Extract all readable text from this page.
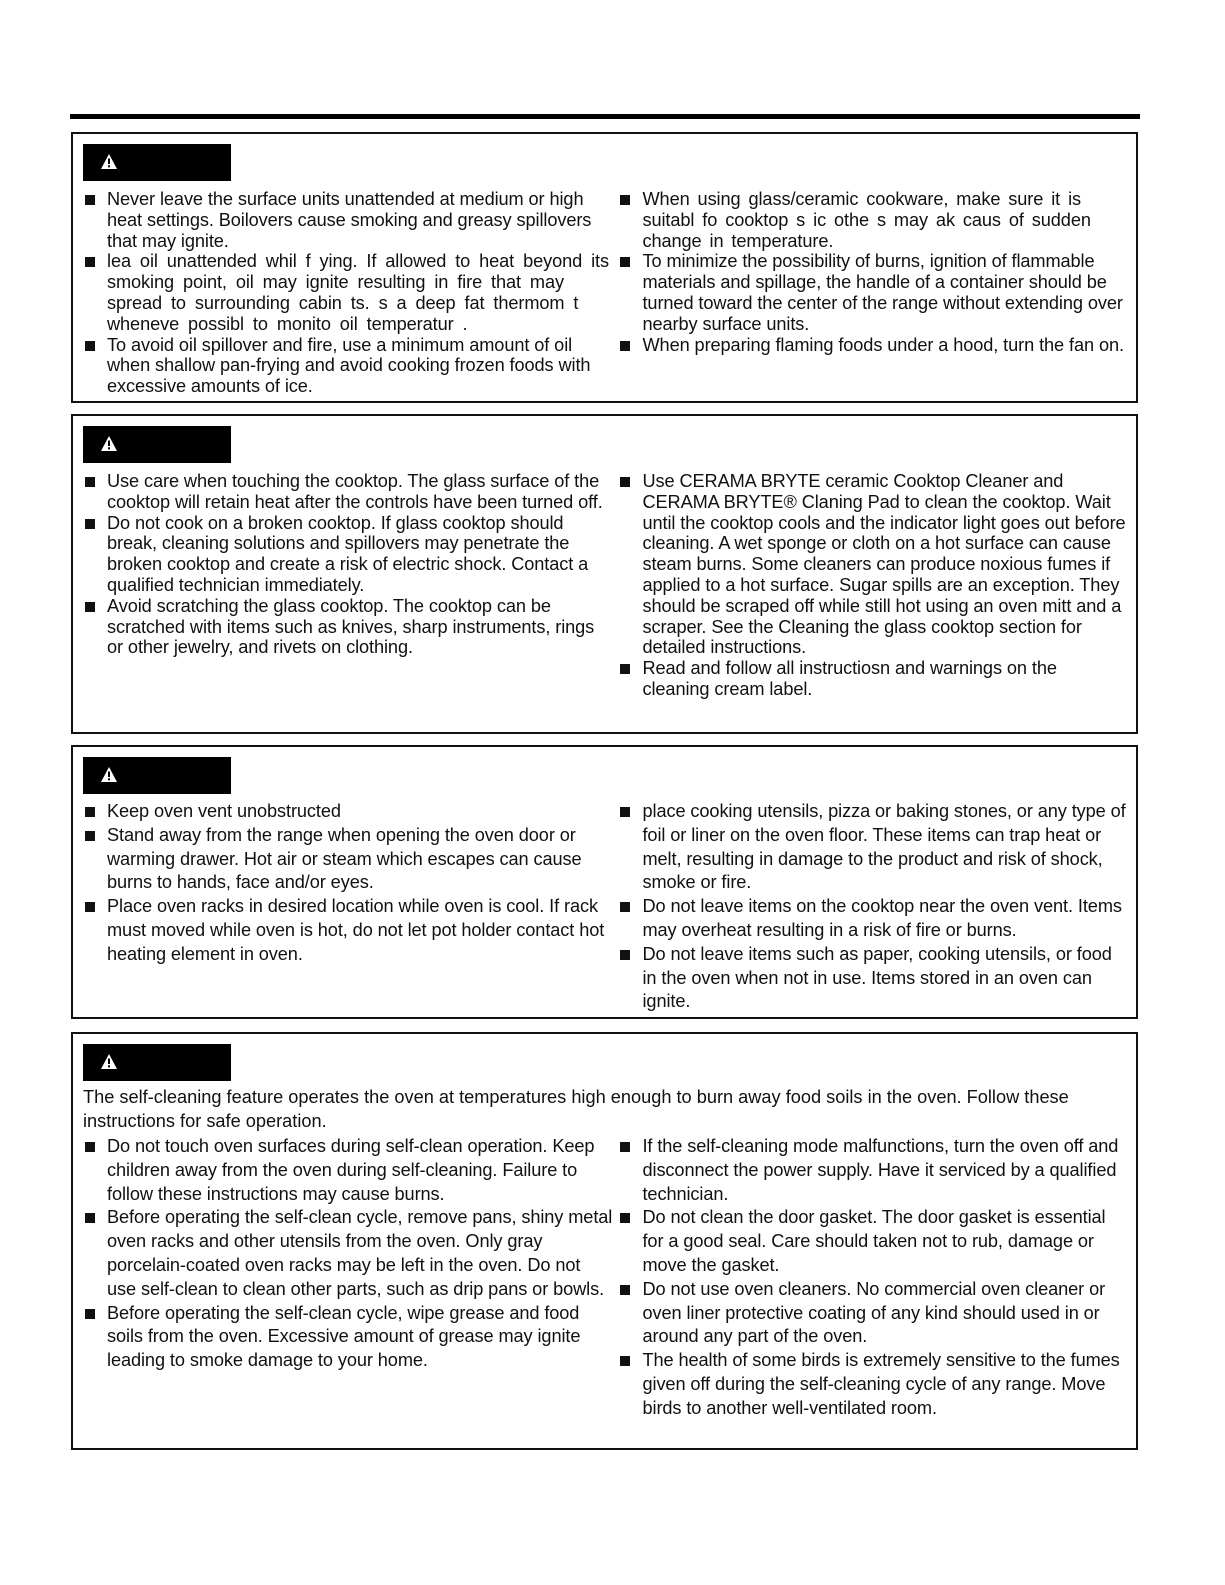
Never leave the surface units unattended at medium or high heat settings. Boilovers cause smoking and greasy spillovers that may ignite.
lea oil unattended whil f ying. If allowed to heat beyond its smoking point, oil may ignite resulting in fire that may spread to surrounding cabin ts. s a deep fat thermom t wheneve possibl to monito oil temperatur .
To avoid oil spillover and fire, use a minimum amount of oil when shallow pan-frying and avoid cooking frozen foods with excessive amounts of ice.
When using glass/ceramic cookware, make sure it is suitabl fo cooktop s ic othe s may ak caus of sudden change in temperature.
To minimize the possibility of burns, ignition of flammable materials and spillage, the handle of a container should be turned toward the center of the range without extending over nearby surface units.
When preparing flaming foods under a hood, turn the fan on.
Use care when touching the cooktop. The glass surface of the cooktop will retain heat after the controls have been turned off.
Do not cook on a broken cooktop. If glass cooktop should break, cleaning solutions and spillovers may penetrate the broken cooktop and create a risk of electric shock. Contact a qualified technician immediately.
Avoid scratching the glass cooktop. The cooktop can be scratched with items such as knives, sharp instruments, rings or other jewelry, and rivets on clothing.
Use CERAMA BRYTE ceramic Cooktop Cleaner and CERAMA BRYTE® Claning Pad to clean the cooktop. Wait until the cooktop cools and the indicator light goes out before cleaning. A wet sponge or cloth on a hot surface can cause steam burns. Some cleaners can produce noxious fumes if applied to a hot surface. Sugar spills are an exception. They should be scraped off while still hot using an oven mitt and a scraper. See the Cleaning the glass cooktop section for detailed instructions.
Read and follow all instructiosn and warnings on the cleaning cream label.
Keep oven vent unobstructed
Stand away from the range when opening the oven door or warming drawer. Hot air or steam which escapes can cause burns to hands, face and/or eyes.
Place oven racks in desired location while oven is cool. If rack must moved while oven is hot, do not let pot holder contact hot heating element in oven.
place cooking utensils, pizza or baking stones, or any type of foil or liner on the oven floor. These items can trap heat or melt, resulting in damage to the product and risk of shock, smoke or fire.
Do not leave items on the cooktop near the oven vent. Items may overheat resulting in a risk of fire or burns.
Do not leave items such as paper, cooking utensils, or food in the oven when not in use. Items stored in an oven can ignite.

The self-cleaning feature operates the oven at temperatures high enough to burn away food soils in the oven. Follow these instructions for safe operation.

Do not touch oven surfaces during self-clean operation. Keep children away from the oven during self-cleaning. Failure to follow these instructions may cause burns.
Before operating the self-clean cycle, remove pans, shiny metal oven racks and other utensils from the oven. Only gray porcelain-coated oven racks may be left in the oven. Do not use self-clean to clean other parts, such as drip pans or bowls.
Before operating the self-clean cycle, wipe grease and food soils from the oven. Excessive amount of grease may ignite leading to smoke damage to your home.
If the self-cleaning mode malfunctions, turn the oven off and disconnect the power supply. Have it serviced by a qualified technician.
Do not clean the door gasket. The door gasket is essential for a good seal. Care should taken not to rub, damage or move the gasket.
Do not use oven cleaners. No commercial oven cleaner or oven liner protective coating of any kind should used in or around any part of the oven.
The health of some birds is extremely sensitive to the fumes given off during the self-cleaning cycle of any range. Move birds to another well-ventilated room.
